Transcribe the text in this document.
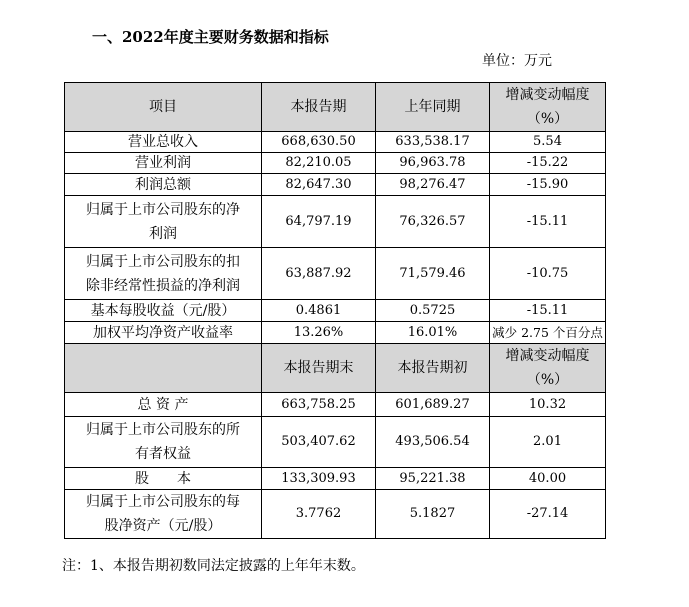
一、2022年度主要财务数据和指标
单位：万元
项目	本报告期	上年同期	增减变动幅度
（%）
营业总收入	668,630.50	633,538.17	5.54
营业利润	82,210.05	96,963.78	-15.22
利润总额	82,647.30	98,276.47	-15.90
归属于上市公司股东的净
利润	64,797.19	76,326.57	-15.11
归属于上市公司股东的扣
除非经常性损益的净利润	63,887.92	71,579.46	-10.75
基本每股收益（元/股）	0.4861	0.5725	-15.11
加权平均净资产收益率	13.26%	16.01%	减少 2.75 个百分点
	本报告期末	本报告期初	增减变动幅度
（%）
总 资 产	663,758.25	601,689.27	10.32
归属于上市公司股东的所
有者权益	503,407.62	493,506.54	2.01
股　　本	133,309.93	95,221.38	40.00
归属于上市公司股东的每
股净资产（元/股）	3.7762	5.1827	-27.14
注：1、本报告期初数同法定披露的上年年末数。
